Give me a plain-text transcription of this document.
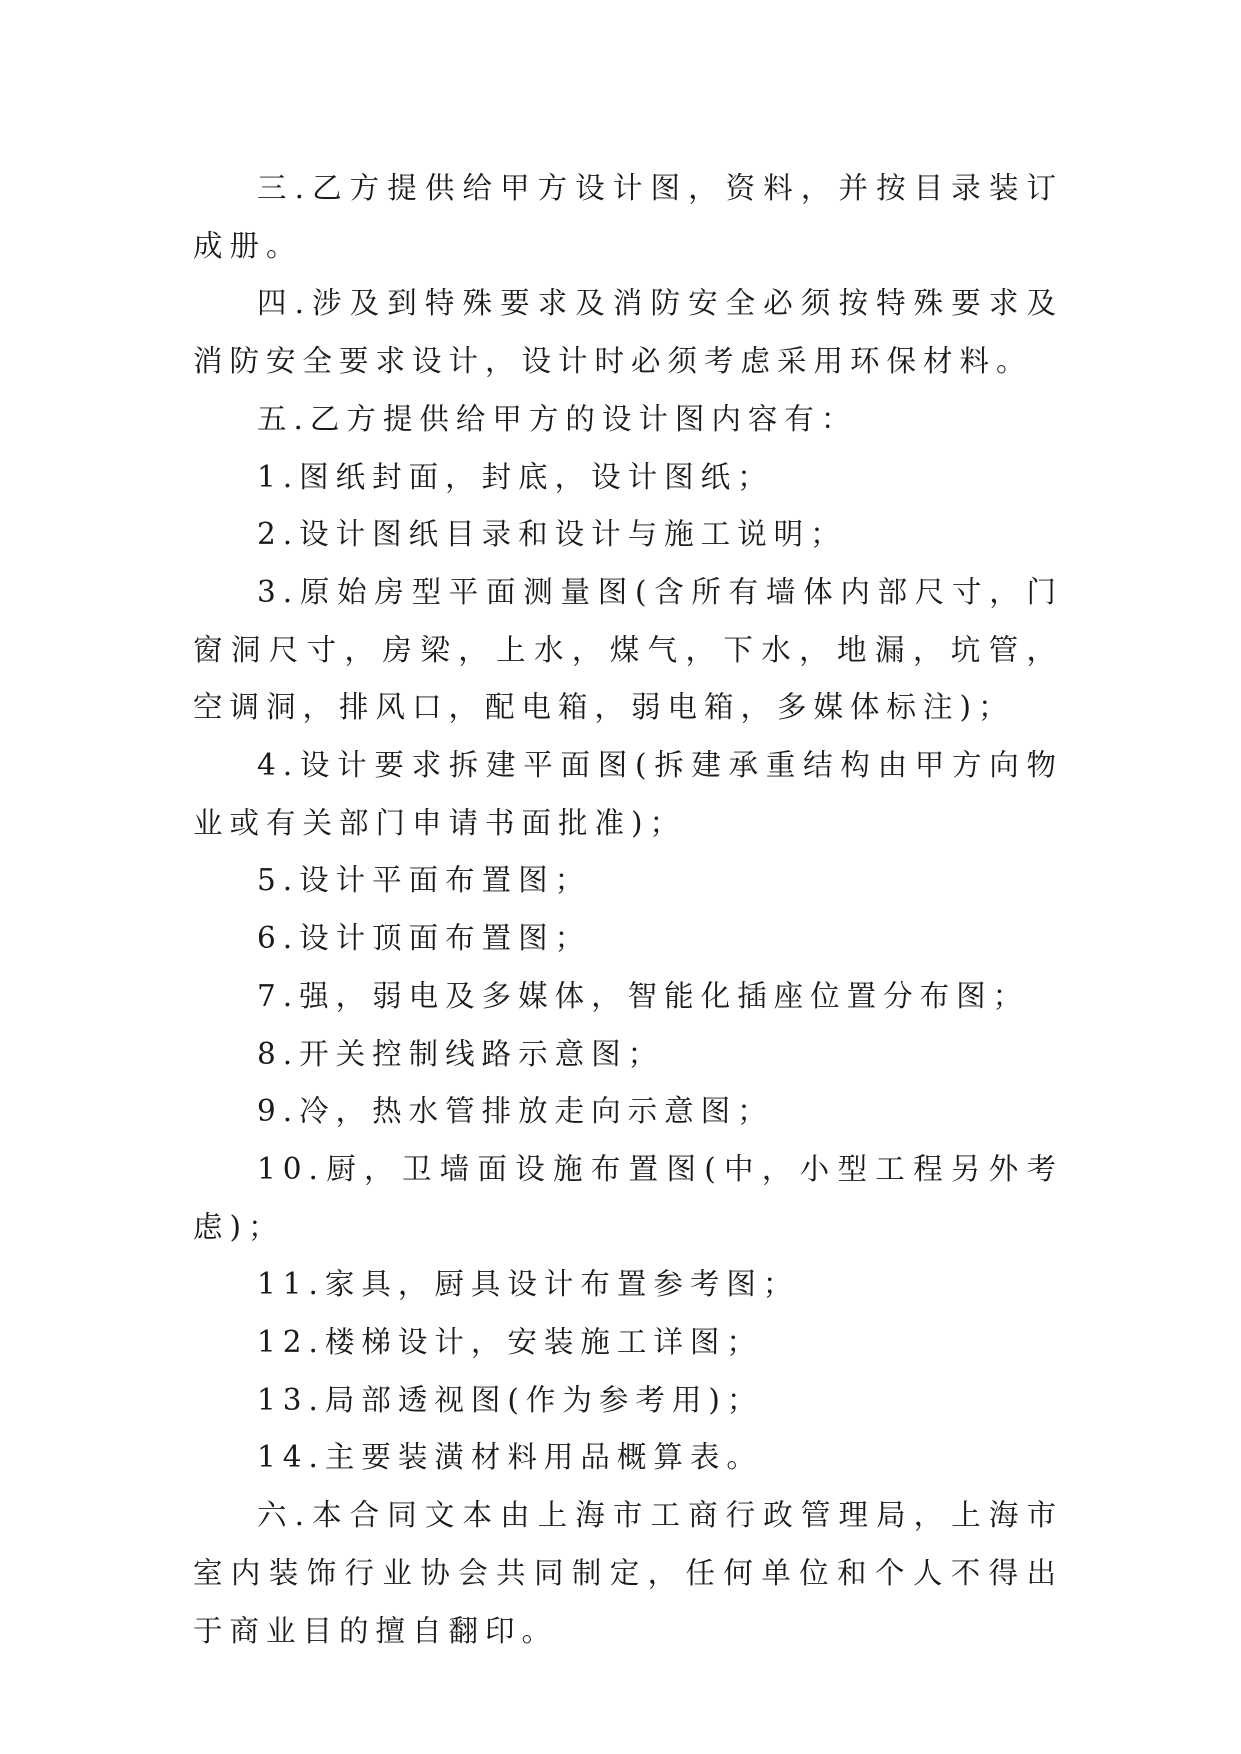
三.乙方提供给甲方设计图，资料，并按目录装订成册。

四.涉及到特殊要求及消防安全必须按特殊要求及消防安全要求设计，设计时必须考虑采用环保材料。

五.乙方提供给甲方的设计图内容有：

1.图纸封面，封底，设计图纸；

2.设计图纸目录和设计与施工说明；

3.原始房型平面测量图(含所有墙体内部尺寸，门窗洞尺寸，房梁，上水，煤气，下水，地漏，坑管，空调洞，排风口，配电箱，弱电箱，多媒体标注)；

4.设计要求拆建平面图(拆建承重结构由甲方向物业或有关部门申请书面批准)；

5.设计平面布置图；

6.设计顶面布置图；

7.强，弱电及多媒体，智能化插座位置分布图；

8.开关控制线路示意图；

9.冷，热水管排放走向示意图；

10.厨，卫墙面设施布置图(中，小型工程另外考虑)；

11.家具，厨具设计布置参考图；

12.楼梯设计，安装施工详图；

13.局部透视图(作为参考用)；

14.主要装潢材料用品概算表。

六.本合同文本由上海市工商行政管理局，上海市室内装饰行业协会共同制定，任何单位和个人不得出于商业目的擅自翻印。
